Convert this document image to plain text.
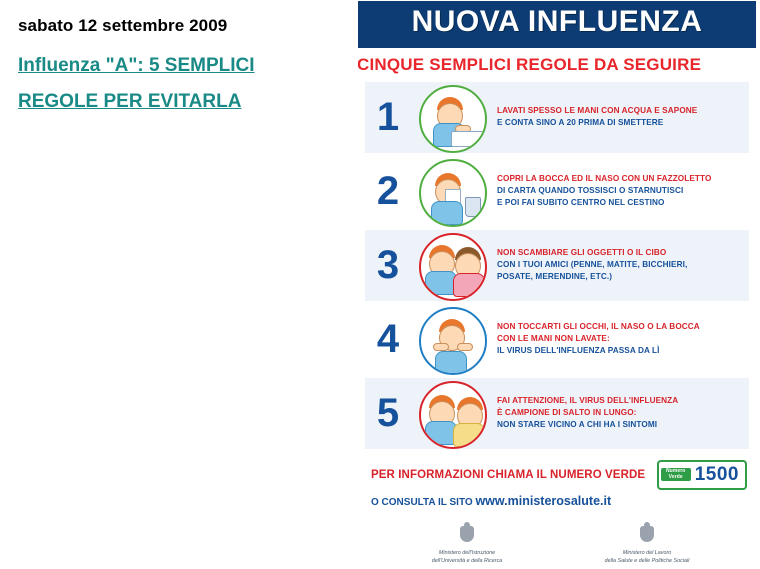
sabato 12 settembre 2009
Influenza "A": 5 SEMPLICI
REGOLE PER EVITARLA
NUOVA INFLUENZA
CINQUE SEMPLICI REGOLE DA SEGUIRE
1	LAVATI SPESSO LE MANI CON ACQUA E SAPONE
E CONTA SINO A 20 PRIMA DI SMETTERE
2	COPRI LA BOCCA ED IL NASO CON UN FAZZOLETTO
DI CARTA QUANDO TOSSISCI O STARNUTISCI
E POI FAI SUBITO CENTRO NEL CESTINO
3	NON SCAMBIARE GLI OGGETTI O IL CIBO
CON I TUOI AMICI (PENNE, MATITE, BICCHIERI,
POSATE, MERENDINE, ETC.)
4	NON TOCCARTI GLI OCCHI, IL NASO O LA BOCCA
CON LE MANI NON LAVATE:
IL VIRUS DELL'INFLUENZA PASSA DA LÌ
5	FAI ATTENZIONE, IL VIRUS DELL'INFLUENZA
È CAMPIONE DI SALTO IN LUNGO:
NON STARE VICINO A CHI HA I SINTOMI
PER INFORMAZIONI CHIAMA IL NUMERO VERDE	Numero Verde 1500
O CONSULTA IL SITO www.ministerosalute.it
Ministero dell'Istruzione
dell'Università e della Ricerca
Ministero del Lavoro
della Salute e delle Politiche Sociali
